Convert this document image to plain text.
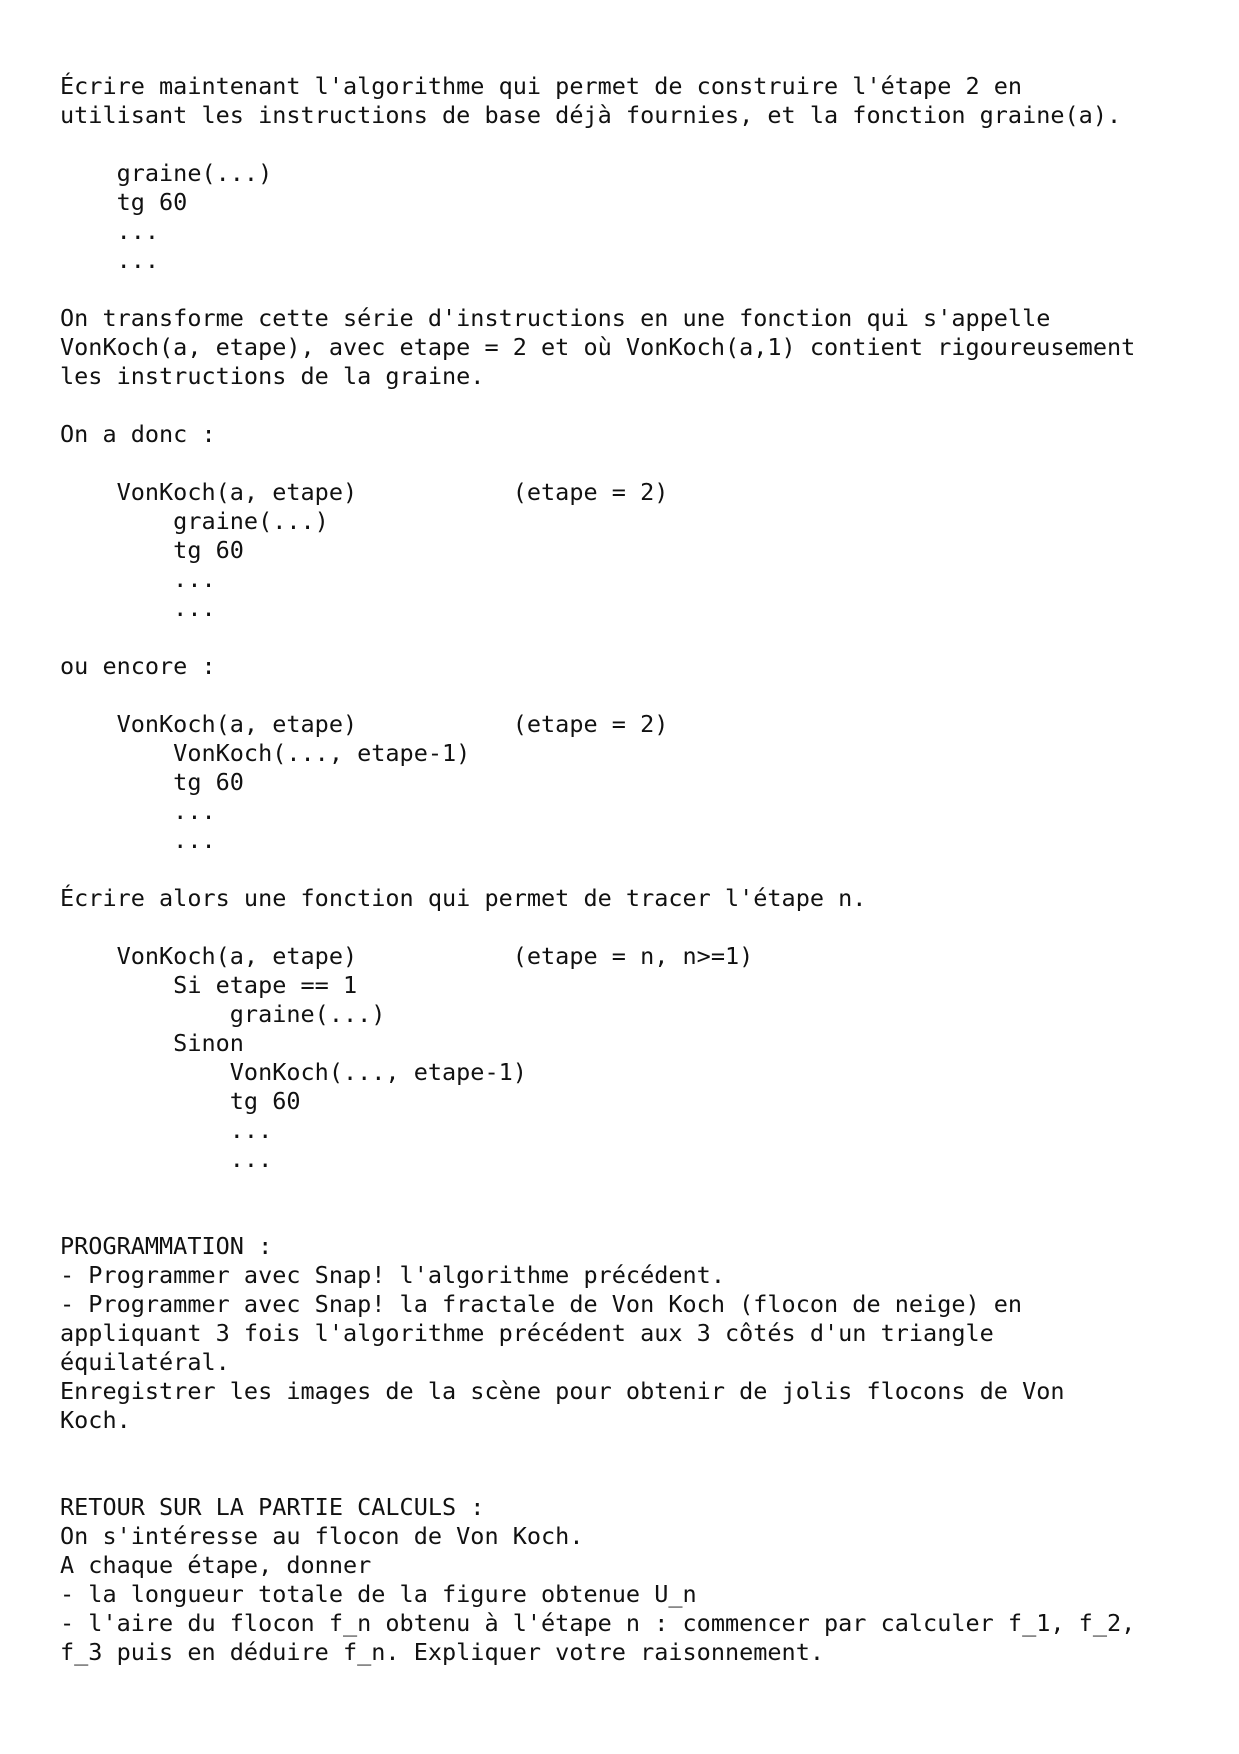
Écrire maintenant l'algorithme qui permet de construire l'étape 2 en
utilisant les instructions de base déjà fournies, et la fonction graine(a).
graine(...)
tg 60
...
...
On transforme cette série d'instructions en une fonction qui s'appelle
VonKoch(a, etape), avec etape = 2 et où VonKoch(a,1) contient rigoureusement
les instructions de la graine.
On a donc :
VonKoch(a, etape)           (etape = 2)
graine(...)
tg 60
...
...
ou encore :
VonKoch(a, etape)           (etape = 2)
VonKoch(..., etape-1)
tg 60
...
...
Écrire alors une fonction qui permet de tracer l'étape n.
VonKoch(a, etape)           (etape = n, n>=1)
Si etape == 1
graine(...)
Sinon
VonKoch(..., etape-1)
tg 60
...
...
PROGRAMMATION :
- Programmer avec Snap! l'algorithme précédent.
- Programmer avec Snap! la fractale de Von Koch (flocon de neige) en
appliquant 3 fois l'algorithme précédent aux 3 côtés d'un triangle
équilatéral.
Enregistrer les images de la scène pour obtenir de jolis flocons de Von
Koch.
RETOUR SUR LA PARTIE CALCULS :
On s'intéresse au flocon de Von Koch.
A chaque étape, donner
- la longueur totale de la figure obtenue U_n
- l'aire du flocon f_n obtenu à l'étape n : commencer par calculer f_1, f_2,
f_3 puis en déduire f_n. Expliquer votre raisonnement.
